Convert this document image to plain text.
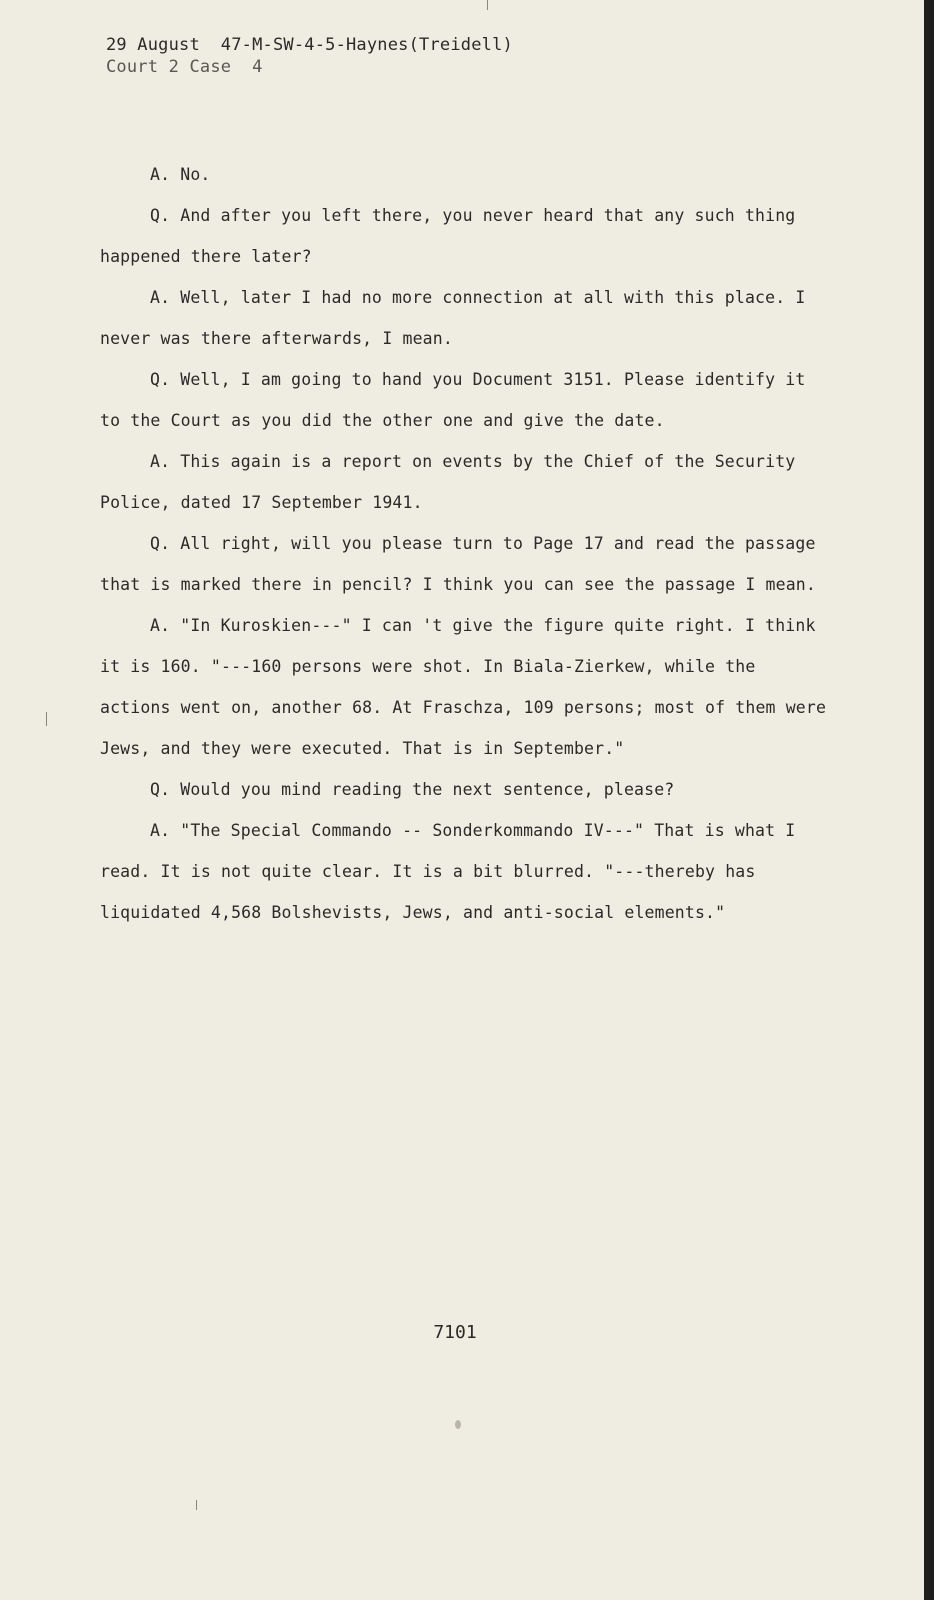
29 August  47-M-SW-4-5-Haynes(Treidell)
Court 2 Case  4

A. No.

Q. And after you left there, you never heard that any such thing happened there later?

A. Well, later I had no more connection at all with this place. I never was there afterwards, I mean.

Q. Well, I am going to hand you Document 3151. Please identify it to the Court as you did the other one and give the date.

A. This again is a report on events by the Chief of the Security Police, dated 17 September 1941.

Q. All right, will you please turn to Page 17 and read the passage that is marked there in pencil? I think you can see the passage I mean.

A. "In Kuroskien---" I can 't give the figure quite right. I think it is 160. "---160 persons were shot. In Biala-Zierkew, while the actions went on, another 68. At Fraschza, 109 persons; most of them were Jews, and they were executed. That is in September."

Q. Would you mind reading the next sentence, please?

A. "The Special Commando -- Sonderkommando IV---" That is what I read. It is not quite clear. It is a bit blurred. "---thereby has liquidated 4,568 Bolshevists, Jews, and anti-social elements."

7101
